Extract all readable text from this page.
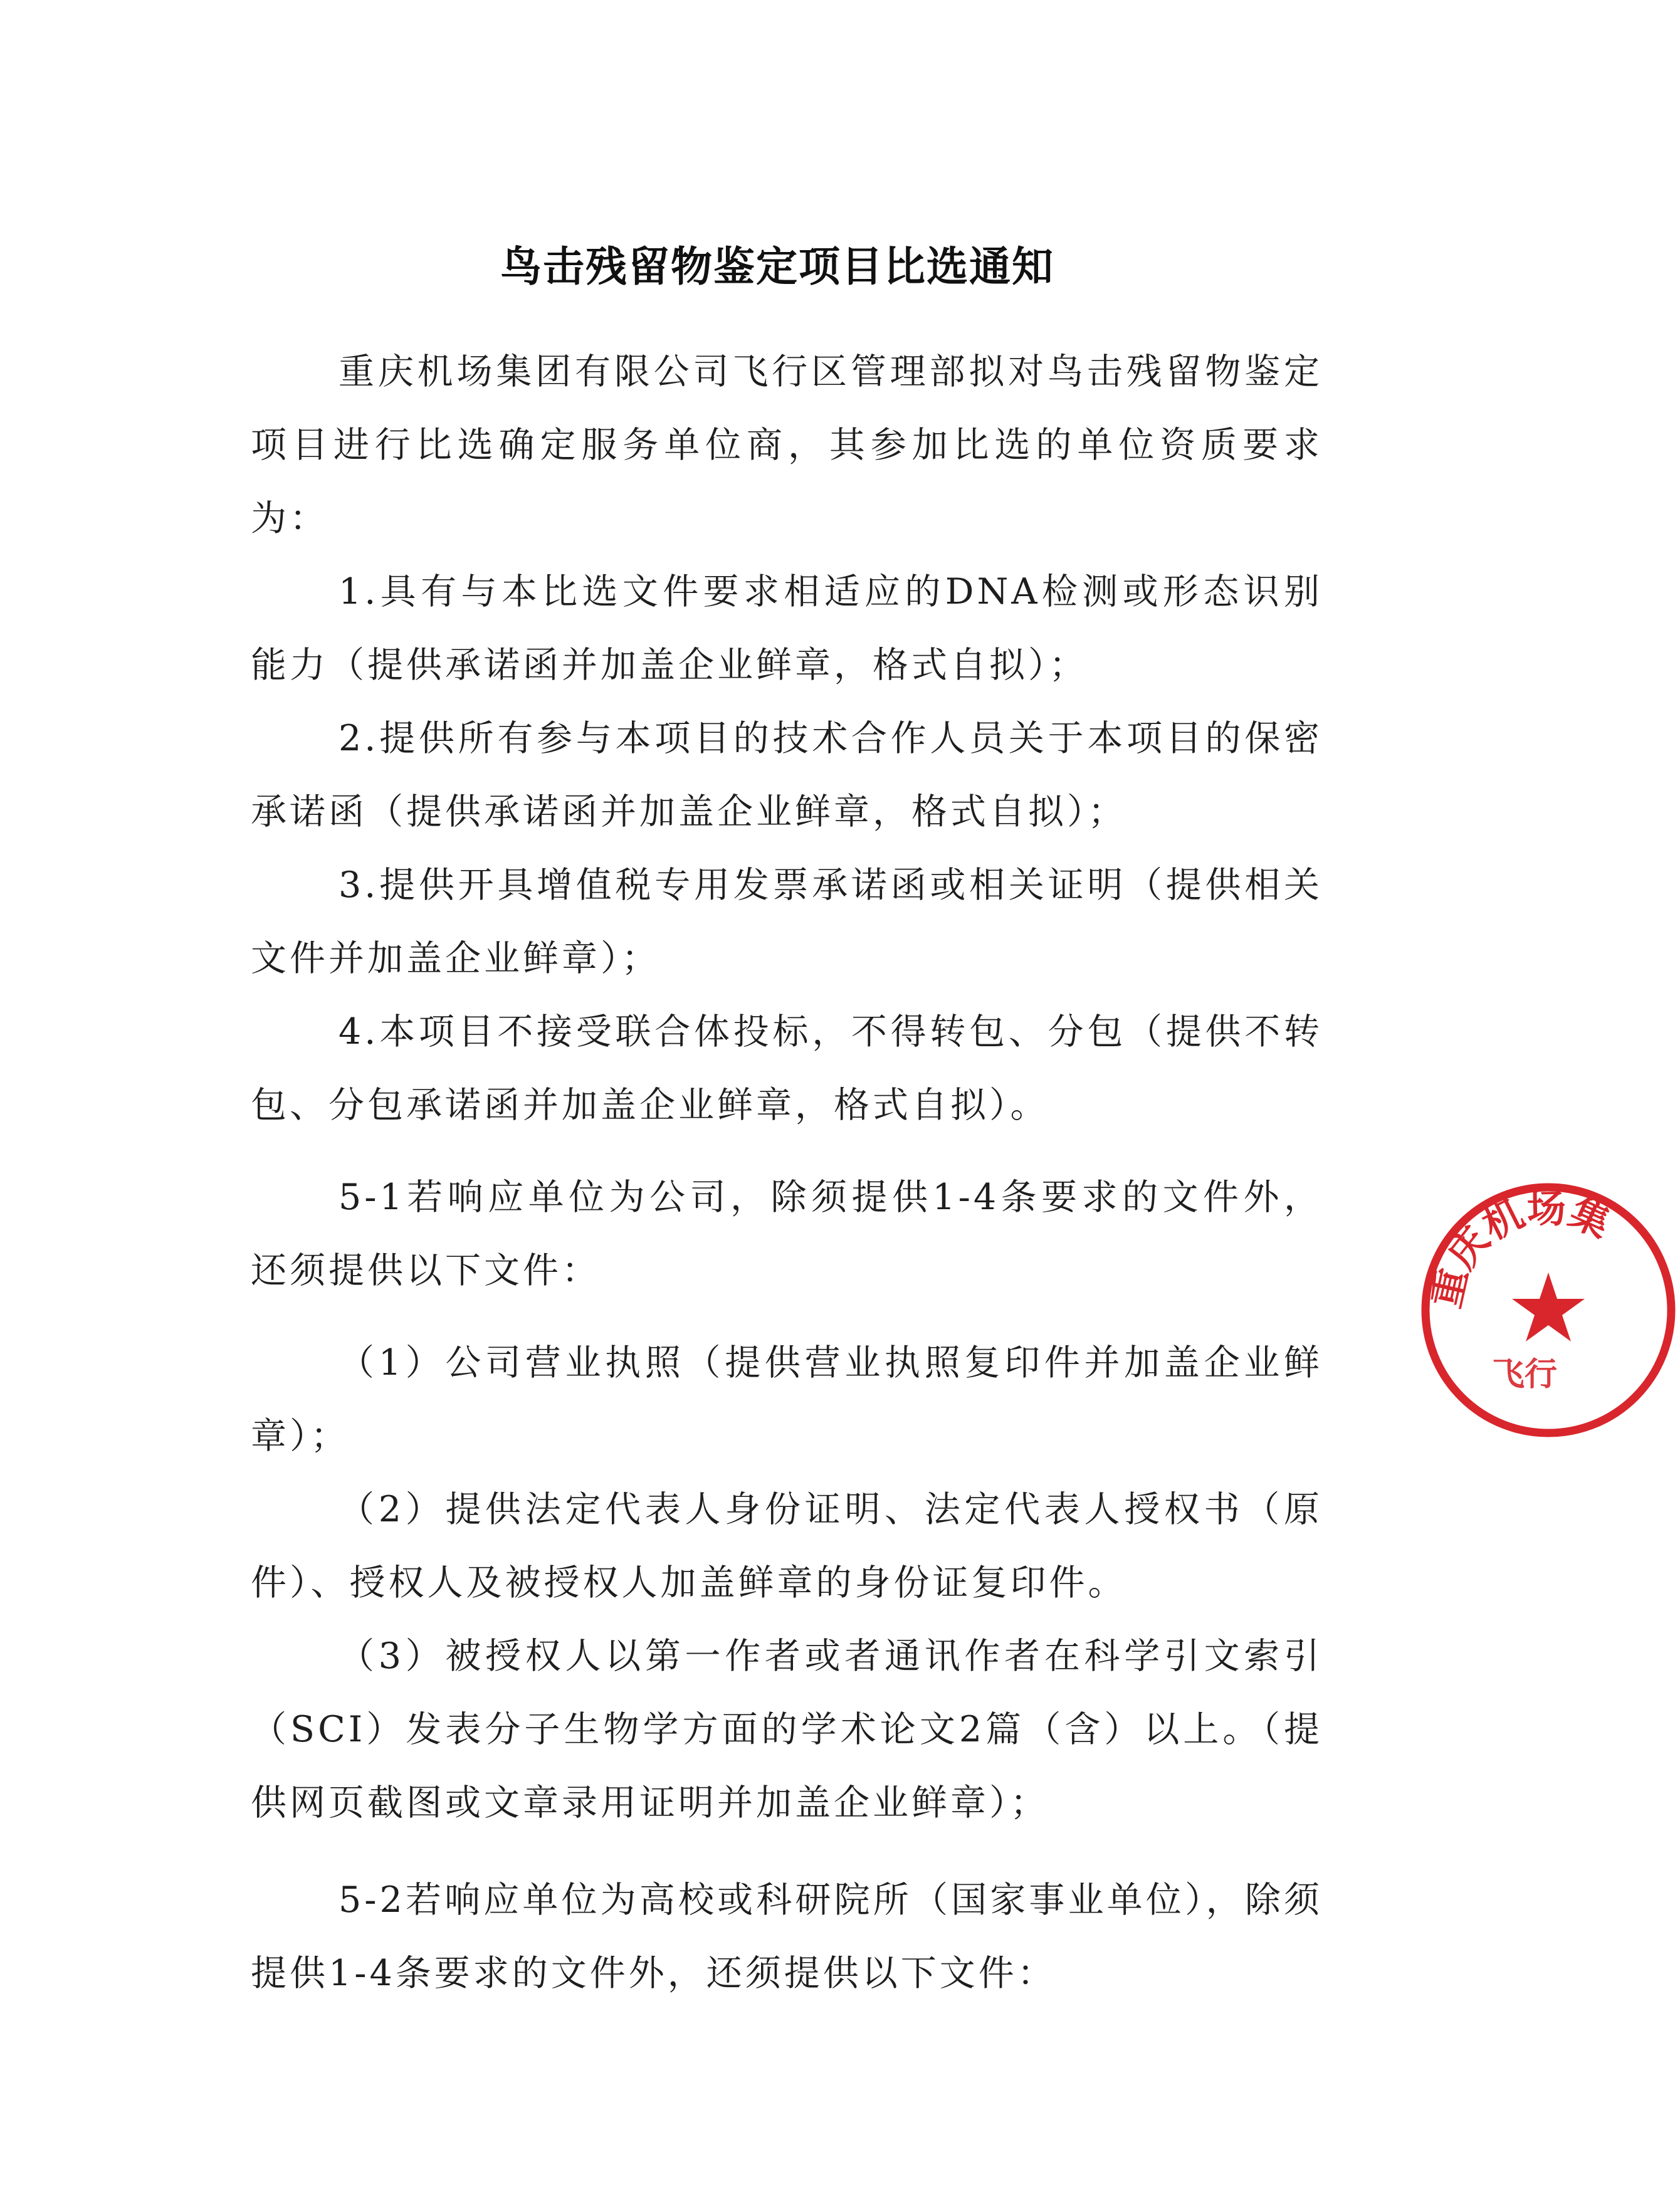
鸟击残留物鉴定项目比选通知

重庆机场集团有限公司飞行区管理部拟对鸟击残留物鉴定项目进行比选确定服务单位商，其参加比选的单位资质要求为：

1.具有与本比选文件要求相适应的DNA检测或形态识别能力（提供承诺函并加盖企业鲜章，格式自拟）；

2.提供所有参与本项目的技术合作人员关于本项目的保密承诺函（提供承诺函并加盖企业鲜章，格式自拟）；

3.提供开具增值税专用发票承诺函或相关证明（提供相关文件并加盖企业鲜章）；

4.本项目不接受联合体投标，不得转包、分包（提供不转包、分包承诺函并加盖企业鲜章，格式自拟）。

5-1若响应单位为公司，除须提供1-4条要求的文件外，还须提供以下文件：

（1）公司营业执照（提供营业执照复印件并加盖企业鲜章）；

（2）提供法定代表人身份证明、法定代表人授权书（原件）、授权人及被授权人加盖鲜章的身份证复印件。

（3）被授权人以第一作者或者通讯作者在科学引文索引（SCI）发表分子生物学方面的学术论文2篇（含）以上。（提供网页截图或文章录用证明并加盖企业鲜章）；

5-2若响应单位为高校或科研院所（国家事业单位），除须提供1-4条要求的文件外，还须提供以下文件：

重庆机场集
飞行
